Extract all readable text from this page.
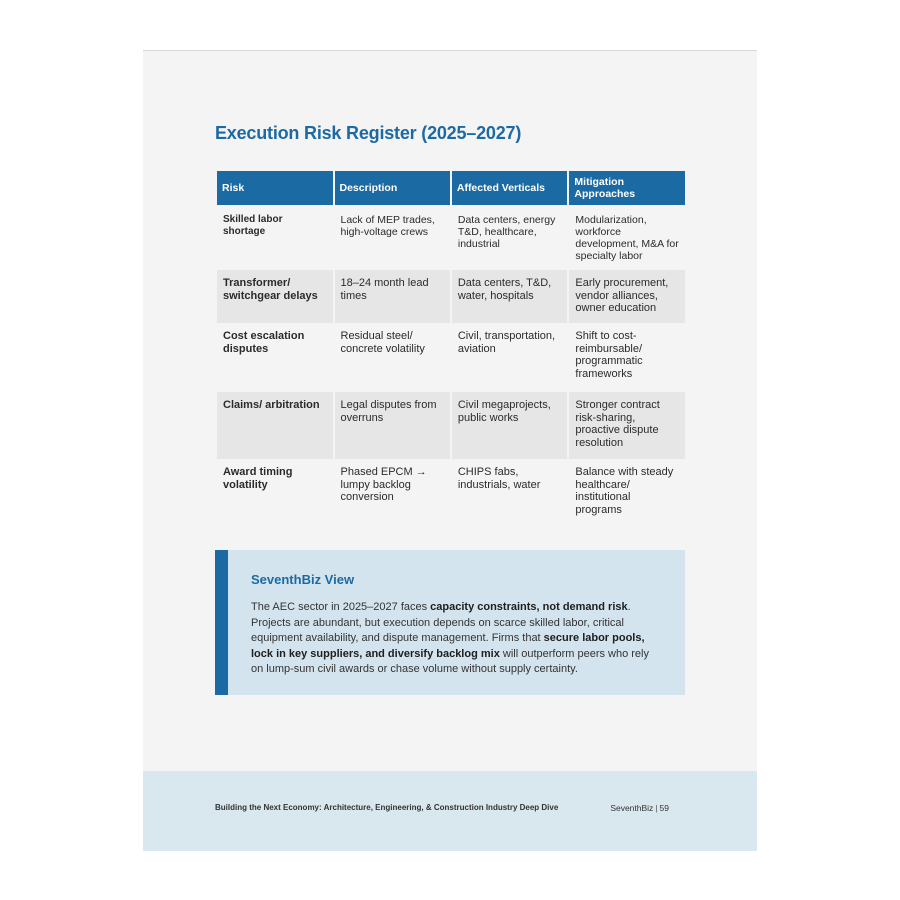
Execution Risk Register (2025–2027)
Risk	Description	Affected Verticals	Mitigation Approaches
Skilled labor shortage	Lack of MEP trades, high-voltage crews	Data centers, energy T&D, healthcare, industrial	Modularization, workforce development, M&A for specialty labor
Transformer/ switchgear delays	18–24 month lead times	Data centers, T&D, water, hospitals	Early procurement, vendor alliances, owner education
Cost escalation disputes	Residual steel/ concrete volatility	Civil, transportation, aviation	Shift to cost-reimbursable/ programmatic frameworks
Claims/ arbitration	Legal disputes from overruns	Civil megaprojects, public works	Stronger contract risk-sharing, proactive dispute resolution
Award timing volatility	Phased EPCM → lumpy backlog conversion	CHIPS fabs, industrials, water	Balance with steady healthcare/ institutional programs
SeventhBiz View

The AEC sector in 2025–2027 faces capacity constraints, not demand risk. Projects are abundant, but execution depends on scarce skilled labor, critical equipment availability, and dispute management. Firms that secure labor pools, lock in key suppliers, and diversify backlog mix will outperform peers who rely on lump-sum civil awards or chase volume without supply certainty.

Building the Next Economy: Architecture, Engineering, & Construction Industry Deep Dive	SeventhBiz | 59
